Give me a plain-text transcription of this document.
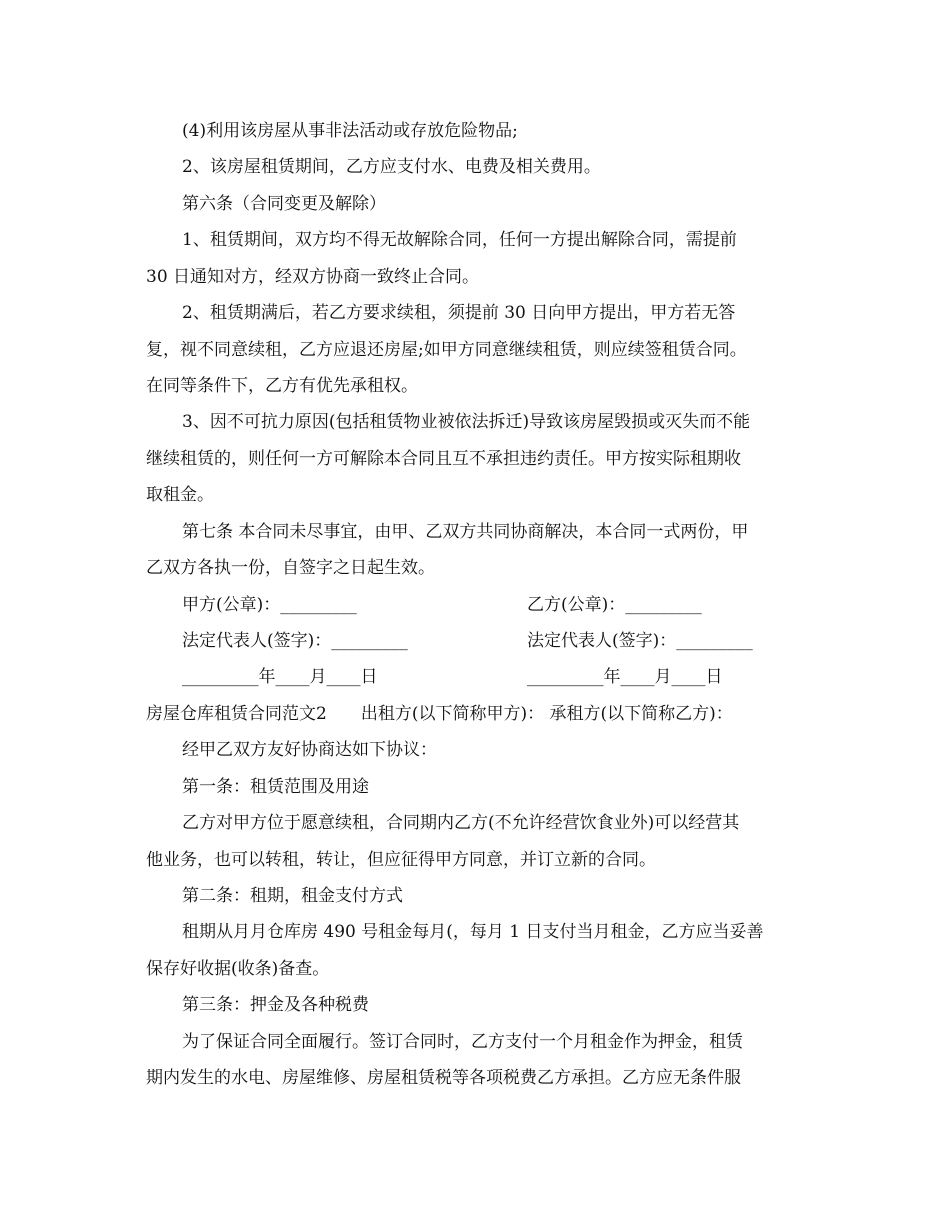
(4)利用该房屋从事非法活动或存放危险物品;
2、该房屋租赁期间，乙方应支付水、电费及相关费用。
第六条（合同变更及解除）
1、租赁期间，双方均不得无故解除合同，任何一方提出解除合同，需提前
30 日通知对方，经双方协商一致终止合同。
2、租赁期满后，若乙方要求续租，须提前 30 日向甲方提出，甲方若无答
复，视不同意续租，乙方应退还房屋;如甲方同意继续租赁，则应续签租赁合同。
在同等条件下，乙方有优先承租权。
3、因不可抗力原因(包括租赁物业被依法拆迁)导致该房屋毁损或灭失而不能
继续租赁的，则任何一方可解除本合同且互不承担违约责任。甲方按实际租期收
取租金。
第七条 本合同未尽事宜，由甲、乙双方共同协商解决，本合同一式两份，甲
乙双方各执一份，自签字之日起生效。
甲方(公章)：_________	乙方(公章)：_________
法定代表人(签字)：_________	法定代表人(签字)：_________
_________年____月____日	_________年____月____日
房屋仓库租赁合同范文2　　出租方(以下简称甲方)： 承租方(以下简称乙方)：
经甲乙双方友好协商达如下协议：
第一条：租赁范围及用途
乙方对甲方位于愿意续租，合同期内乙方(不允许经营饮食业外)可以经营其
他业务，也可以转租，转让，但应征得甲方同意，并订立新的合同。
第二条：租期，租金支付方式
租期从月月仓库房 490 号租金每月(，每月 1 日支付当月租金，乙方应当妥善
保存好收据(收条)备查。
第三条：押金及各种税费
为了保证合同全面履行。签订合同时，乙方支付一个月租金作为押金，租赁
期内发生的水电、房屋维修、房屋租赁税等各项税费乙方承担。乙方应无条件服
